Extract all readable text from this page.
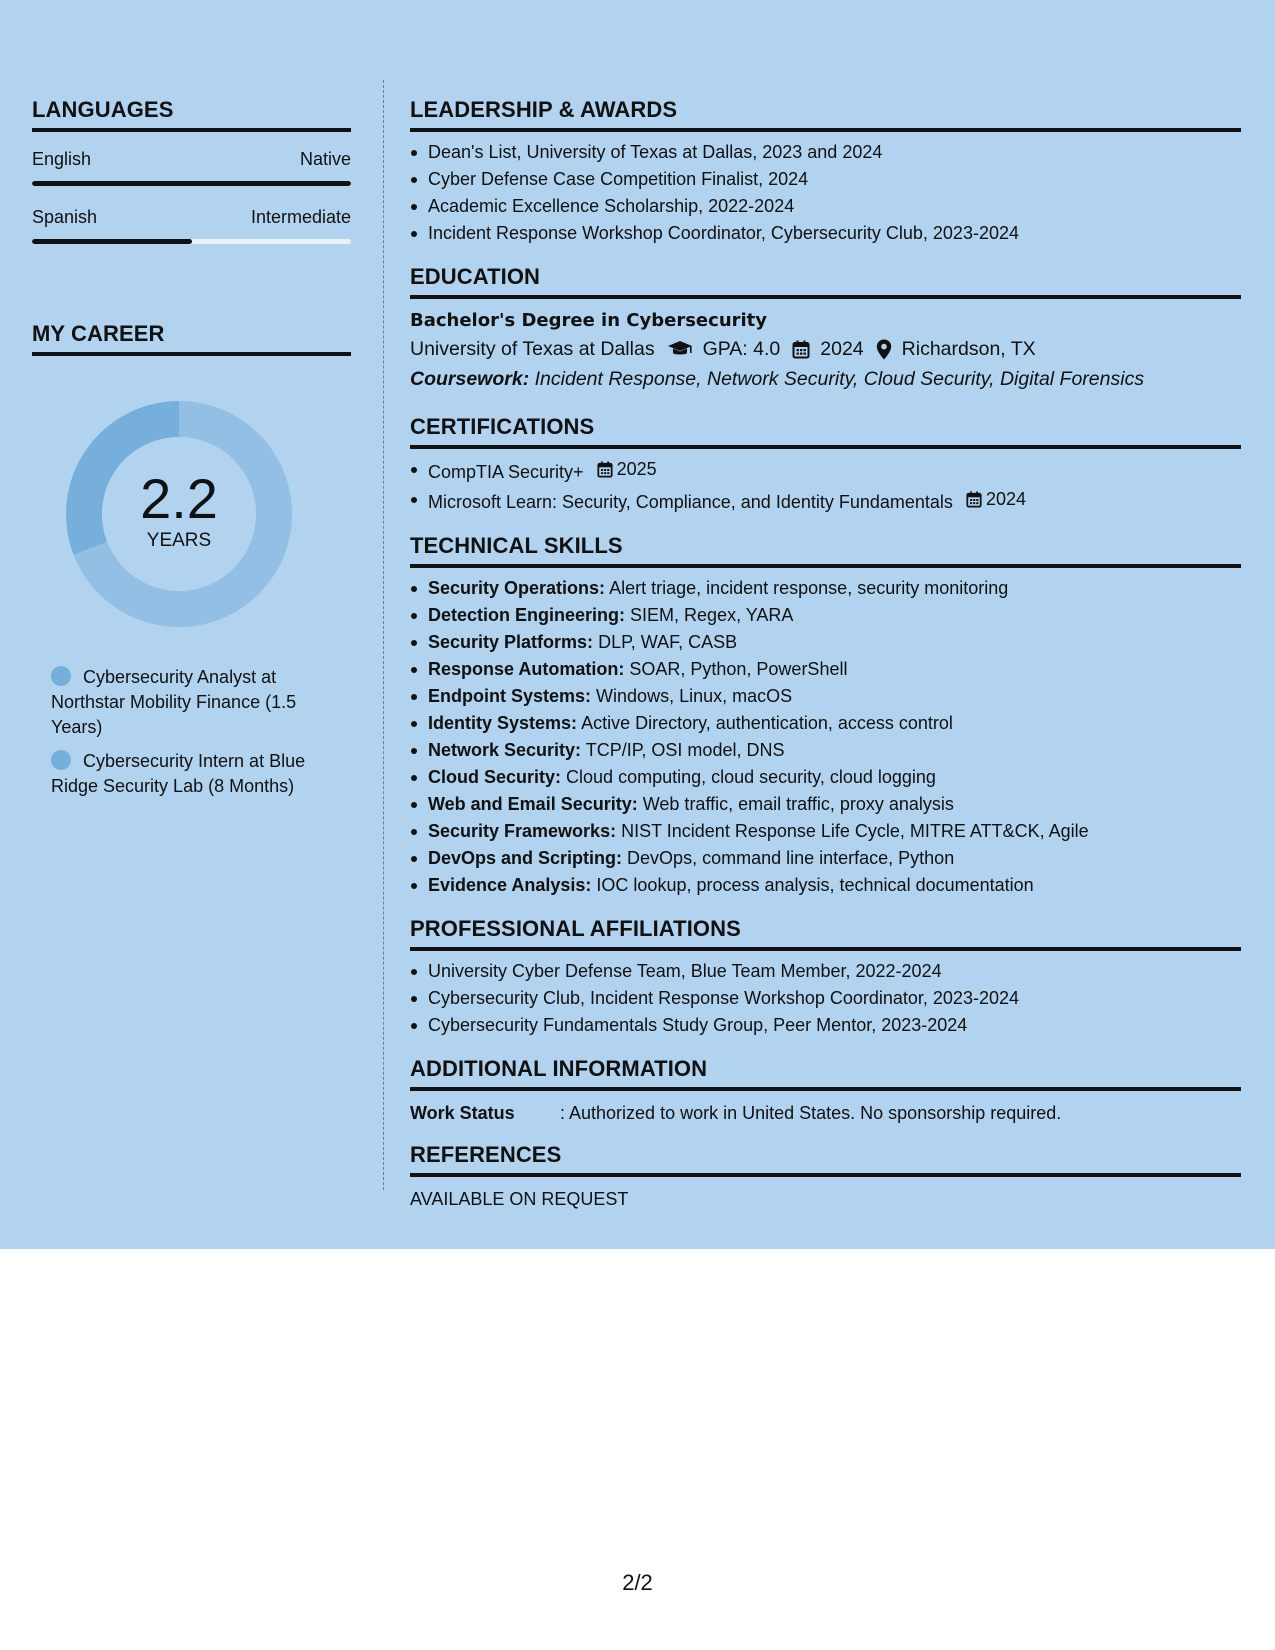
LANGUAGES
English	Native
Spanish	Intermediate
MY CAREER
2.2
YEARS
Cybersecurity Analyst at Northstar Mobility Finance (1.5 Years)
Cybersecurity Intern at Blue Ridge Security Lab (8 Months)
LEADERSHIP & AWARDS
Dean's List, University of Texas at Dallas, 2023 and 2024
Cyber Defense Case Competition Finalist, 2024
Academic Excellence Scholarship, 2022-2024
Incident Response Workshop Coordinator, Cybersecurity Club, 2023-2024
EDUCATION
Bachelor's Degree in Cybersecurity
University of Texas at Dallas GPA: 4.0 2024 Richardson, TX
Coursework: Incident Response, Network Security, Cloud Security, Digital Forensics
CERTIFICATIONS
CompTIA Security+ 2025
Microsoft Learn: Security, Compliance, and Identity Fundamentals 2024
TECHNICAL SKILLS
Security Operations: Alert triage, incident response, security monitoring
Detection Engineering: SIEM, Regex, YARA
Security Platforms: DLP, WAF, CASB
Response Automation: SOAR, Python, PowerShell
Endpoint Systems: Windows, Linux, macOS
Identity Systems: Active Directory, authentication, access control
Network Security: TCP/IP, OSI model, DNS
Cloud Security: Cloud computing, cloud security, cloud logging
Web and Email Security: Web traffic, email traffic, proxy analysis
Security Frameworks: NIST Incident Response Life Cycle, MITRE ATT&CK, Agile
DevOps and Scripting: DevOps, command line interface, Python
Evidence Analysis: IOC lookup, process analysis, technical documentation
PROFESSIONAL AFFILIATIONS
University Cyber Defense Team, Blue Team Member, 2022-2024
Cybersecurity Club, Incident Response Workshop Coordinator, 2023-2024
Cybersecurity Fundamentals Study Group, Peer Mentor, 2023-2024
ADDITIONAL INFORMATION
Work Status	: Authorized to work in United States. No sponsorship required.
REFERENCES
AVAILABLE ON REQUEST
2/2
